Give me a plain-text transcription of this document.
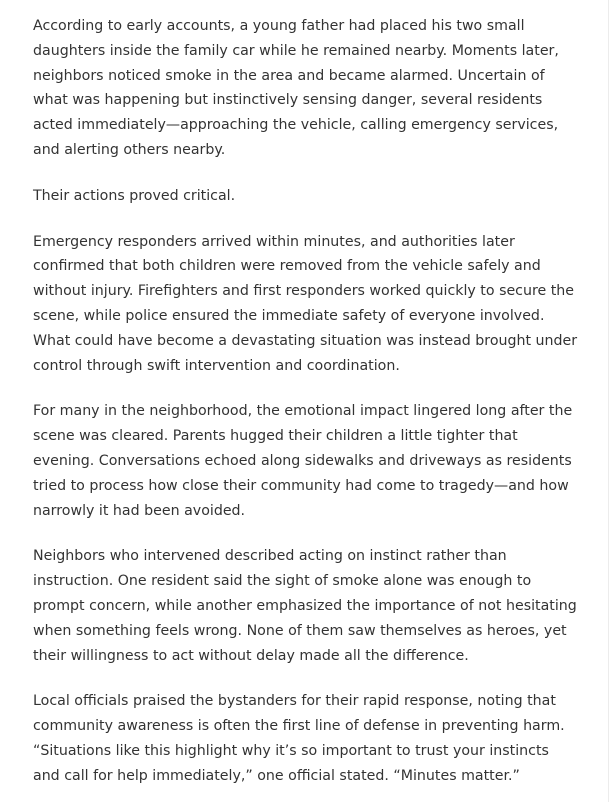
According to early accounts, a young father had placed his two small daughters inside the family car while he remained nearby. Moments later, neighbors noticed smoke in the area and became alarmed. Uncertain of what was happening but instinctively sensing danger, several residents acted immediately—approaching the vehicle, calling emergency services, and alerting others nearby.

Their actions proved critical.

Emergency responders arrived within minutes, and authorities later confirmed that both children were removed from the vehicle safely and without injury. Firefighters and first responders worked quickly to secure the scene, while police ensured the immediate safety of everyone involved. What could have become a devastating situation was instead brought under control through swift intervention and coordination.

For many in the neighborhood, the emotional impact lingered long after the scene was cleared. Parents hugged their children a little tighter that evening. Conversations echoed along sidewalks and driveways as residents tried to process how close their community had come to tragedy—and how narrowly it had been avoided.

Neighbors who intervened described acting on instinct rather than instruction. One resident said the sight of smoke alone was enough to prompt concern, while another emphasized the importance of not hesitating when something feels wrong. None of them saw themselves as heroes, yet their willingness to act without delay made all the difference.

Local officials praised the bystanders for their rapid response, noting that community awareness is often the first line of defense in preventing harm. “Situations like this highlight why it’s so important to trust your instincts and call for help immediately,” one official stated. “Minutes matter.”
